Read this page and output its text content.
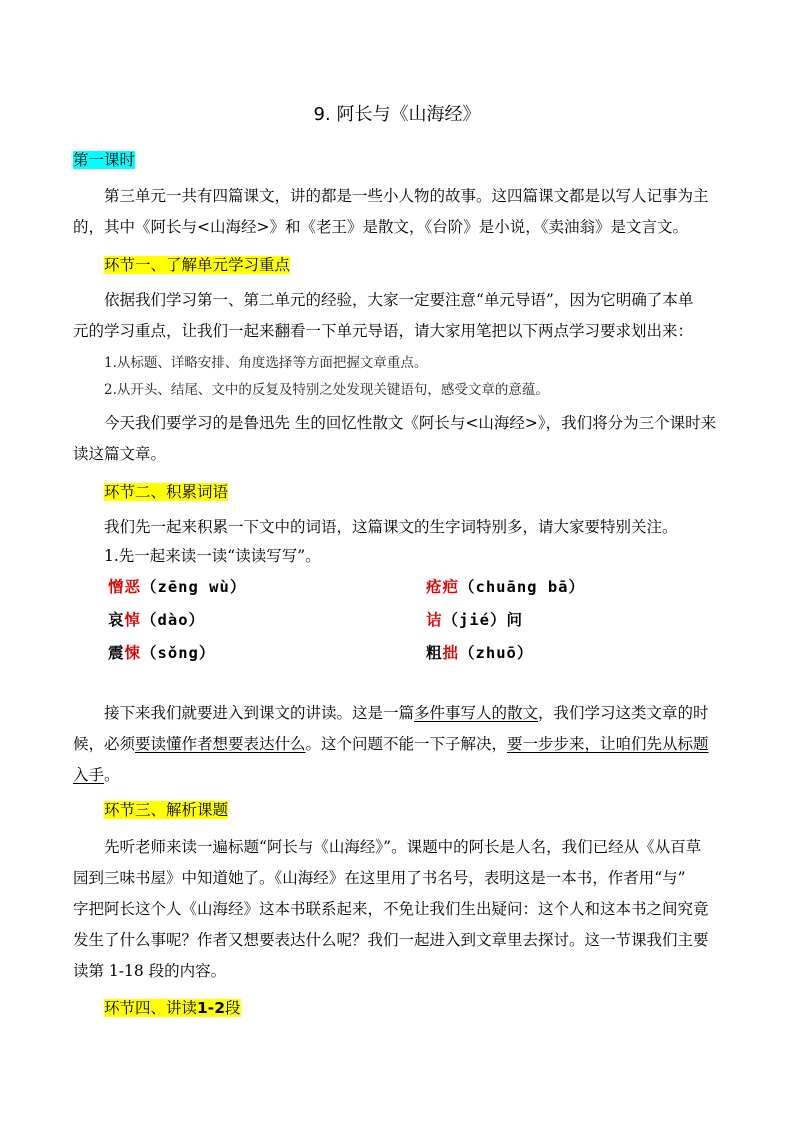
9. 阿长与《山海经》
第一课时
第三单元一共有四篇课文，讲的都是一些小人物的故事。这四篇课文都是以写人记事为主
的，其中《阿长与<山海经>》和《老王》是散文，《台阶》是小说，《卖油翁》是文言文。
环节一、了解单元学习重点
依据我们学习第一、第二单元的经验，大家一定要注意“单元导语”，因为它明确了本单
元的学习重点，让我们一起来翻看一下单元导语，请大家用笔把以下两点学习要求划出来：
1.从标题、详略安排、角度选择等方面把握文章重点。
2.从开头、结尾、文中的反复及特别之处发现关键语句，感受文章的意蕴。
今天我们要学习的是鲁迅先 生的回忆性散文《阿长与<山海经>》，我们将分为三个课时来
读这篇文章。
环节二、积累词语
我们先一起来积累一下文中的词语，这篇课文的生字词特别多，请大家要特别关注。
1.先一起来读一读“读读写写”。
憎恶（zēng wù）	疮疤（chuāng bā）
哀悼（dào）	诘（jié）问
震悚（sǒng）	粗拙（zhuō）
接下来我们就要进入到课文的讲读。这是一篇多件事写人的散文，我们学习这类文章的时
候，必须要读懂作者想要表达什么。这个问题不能一下子解决，要一步步来，让咱们先从标题
入手。
环节三、解析课题
先听老师来读一遍标题“阿长与《山海经》”。课题中的阿长是人名，我们已经从《从百草
园到三味书屋》中知道她了。《山海经》在这里用了书名号，表明这是一本书，作者用“与”
字把阿长这个人《山海经》这本书联系起来，不免让我们生出疑问：这个人和这本书之间究竟
发生了什么事呢？作者又想要表达什么呢？我们一起进入到文章里去探讨。这一节课我们主要
读第 1-18 段的内容。
环节四、讲读1-2段
